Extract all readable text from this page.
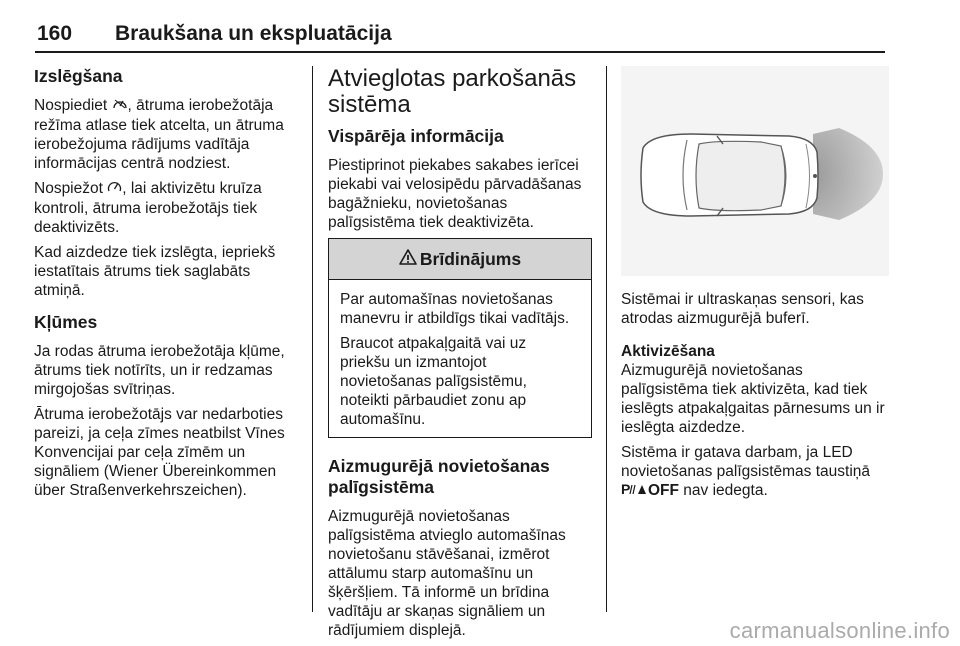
160 Braukšana un ekspluatācija
Izslēgšana

Nospiediet , ātruma ierobežotāja režīma atlase tiek atcelta, un ātruma ierobežojuma rādījums vadītāja informācijas centrā nodziest.

Nospiežot , lai aktivizētu kruīza kontroli, ātruma ierobežotājs tiek deaktivizēts.

Kad aizdedze tiek izslēgta, iepriekš iestatītais ātrums tiek saglabāts atmiņā.

Kļūmes

Ja rodas ātruma ierobežotāja kļūme, ātrums tiek notīrīts, un ir redzamas mirgojošas svītriņas.

Ātruma ierobežotājs var nedarboties pareizi, ja ceļa zīmes neatbilst Vīnes Konvencijai par ceļa zīmēm un signāliem (Wiener Übereinkommen über Straßenverkehrszeichen).

Atvieglotas parkošanās sistēma
Vispārēja informācija

Piestiprinot piekabes sakabes ierīcei piekabi vai velosipēdu pārvadāšanas bagāžnieku, novietošanas palīgsistēma tiek deaktivizēta.

Brīdinājums

Par automašīnas novietošanas manevru ir atbildīgs tikai vadītājs.

Braucot atpakaļgaitā vai uz priekšu un izmantojot novietošanas palīgsistēmu, noteikti pārbaudiet zonu ap automašīnu.

Aizmugurējā novietošanas palīgsistēma

Aizmugurējā novietošanas palīgsistēma atvieglo automašīnas novietošanu stāvēšanai, izmērot attālumu starp automašīnu un šķēršļiem. Tā informē un brīdina vadītāju ar skaņas signāliem un rādījumiem displejā.

Sistēmai ir ultraskaņas sensori, kas atrodas aizmugurējā buferī.

Aktivizēšana

Aizmugurējā novietošanas palīgsistēma tiek aktivizēta, kad tiek ieslēgts atpakaļgaitas pārnesums un ir ieslēgta aizdedze.

Sistēma ir gatava darbam, ja LED novietošanas palīgsistēmas taustiņā
P OFF nav iedegta.

carmanualsonline.info
